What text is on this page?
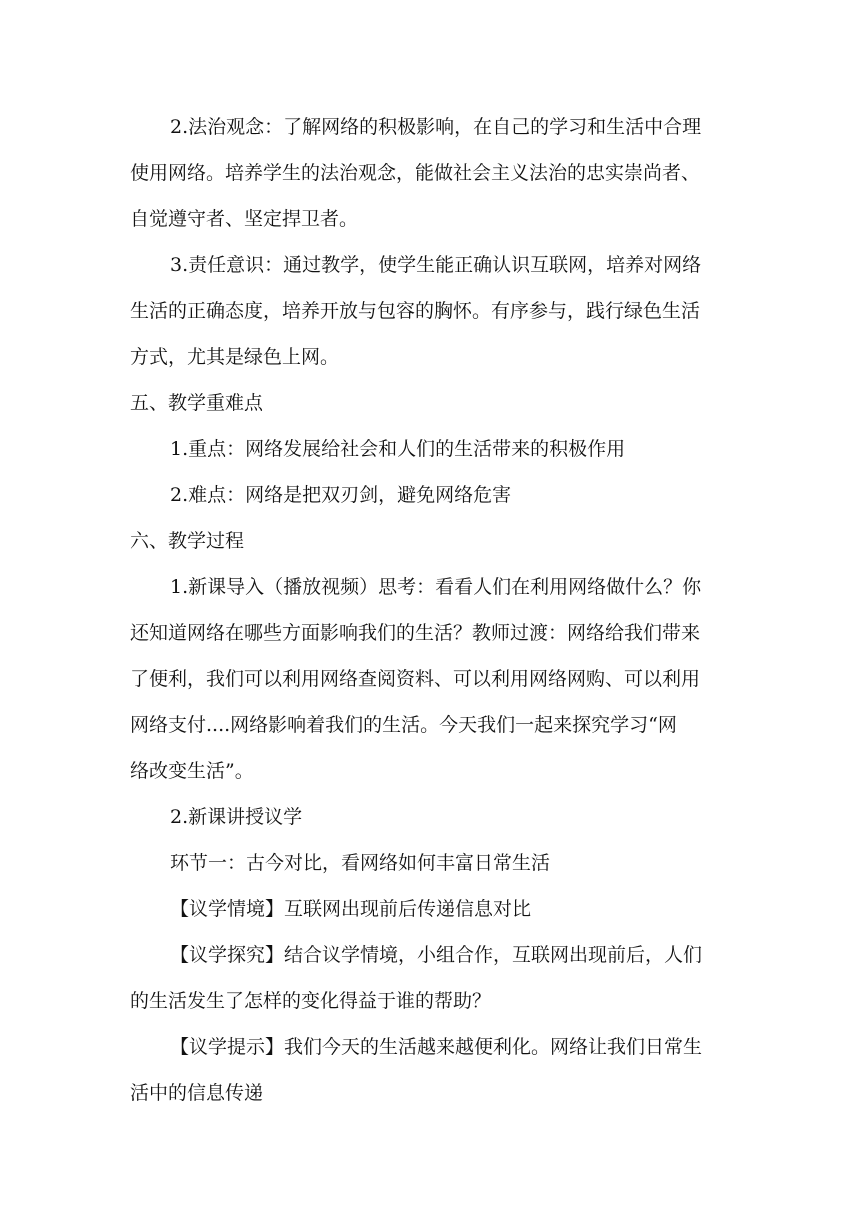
2.法治观念：了解网络的积极影响，在自己的学习和生活中合理

使用网络。培养学生的法治观念，能做社会主义法治的忠实崇尚者、

自觉遵守者、坚定捍卫者。

3.责任意识：通过教学，使学生能正确认识互联网，培养对网络

生活的正确态度，培养开放与包容的胸怀。有序参与，践行绿色生活

方式，尤其是绿色上网。

五、教学重难点

1.重点：网络发展给社会和人们的生活带来的积极作用

2.难点：网络是把双刃剑，避免网络危害

六、教学过程

1.新课导入（播放视频）思考：看看人们在利用网络做什么？你

还知道网络在哪些方面影响我们的生活？教师过渡：网络给我们带来

了便利，我们可以利用网络查阅资料、可以利用网络网购、可以利用

网络支付....网络影响着我们的生活。今天我们一起来探究学习“网

络改变生活”。

2.新课讲授议学

环节一：古今对比，看网络如何丰富日常生活

【议学情境】互联网出现前后传递信息对比

【议学探究】结合议学情境，小组合作，互联网出现前后，人们

的生活发生了怎样的变化得益于谁的帮助？

【议学提示】我们今天的生活越来越便利化。网络让我们日常生

活中的信息传递
